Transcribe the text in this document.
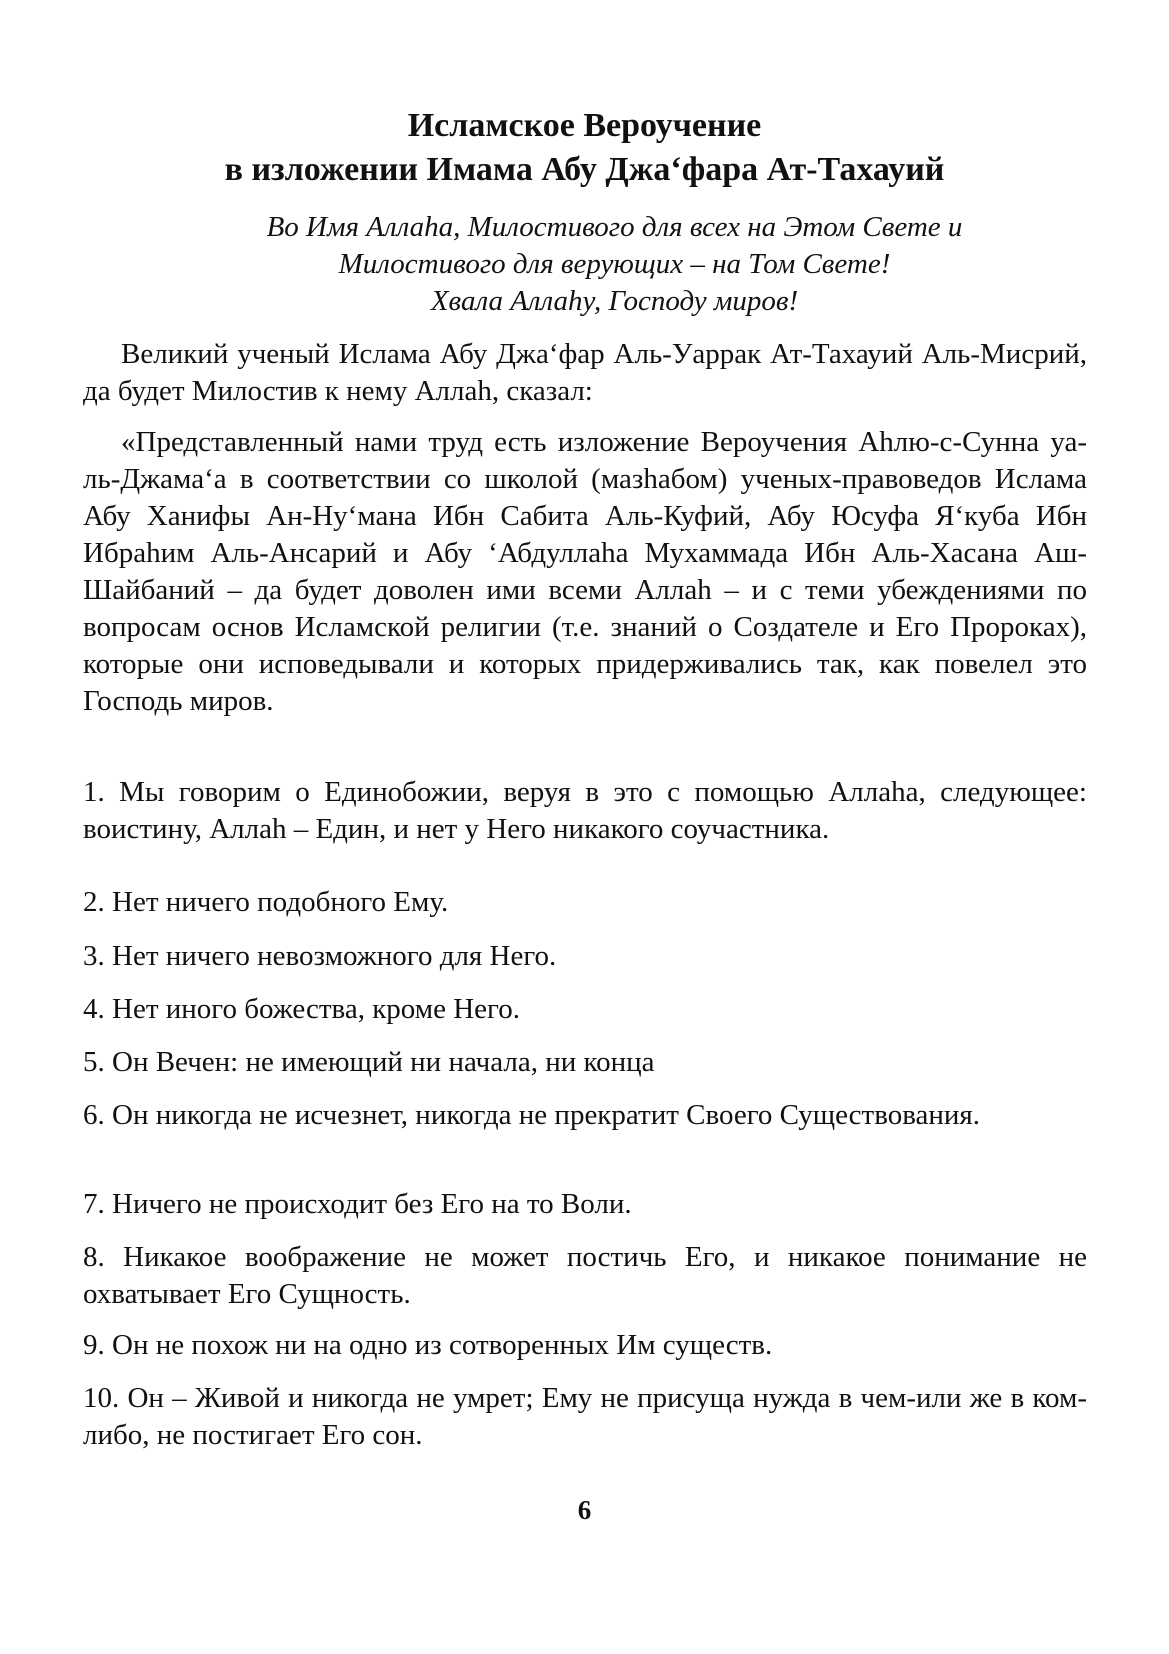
Исламское Вероучение
в изложении Имама Абу Джа‘фара Ат-Тахауий
Во Имя Аллаhа, Милостивого для всех на Этом Свете и
Милостивого для верующих – на Том Свете!
Хвала Аллаhу, Господу миров!

Великий ученый Ислама Абу Джа‘фар Аль-Уаррак Ат-Тахауий Аль-Мисрий, да будет Милостив к нему Аллаh, сказал:

«Представленный нами труд есть изложение Вероучения Аhлю-с-Сунна уа-ль-Джама‘а в соответствии со школой (мазhабом) ученых-правоведов Ислама Абу Ханифы Ан-Ну‘мана Ибн Сабита Аль-Куфий, Абу Юсуфа Я‘куба Ибн Ибраhим Аль-Ансарий и Абу ‘Абдуллаhа Мухаммада Ибн Аль-Хасана Аш-Шайбаний – да будет доволен ими всеми Аллаh – и с теми убеждениями по вопросам основ Исламской религии (т.е. знаний о Создателе и Его Пророках), которые они исповедывали и которых придерживались так, как повелел это Господь миров.

1. Мы говорим о Единобожии, веруя в это с помощью Аллаhа, следующее: воистину, Аллаh – Един, и нет у Него никакого соучастника.

2. Нет ничего подобного Ему.

3. Нет ничего невозможного для Него.

4. Нет иного божества, кроме Него.

5. Он Вечен: не имеющий ни начала, ни конца

6. Он никогда не исчезнет, никогда не прекратит Своего Существования.

7. Ничего не происходит без Его на то Воли.

8. Никакое воображение не может постичь Его, и никакое понимание не охватывает Его Сущность.

9. Он не похож ни на одно из сотворенных Им существ.

10. Он – Живой и никогда не умрет; Ему не присуща нужда в чем-или же в ком-либо, не постигает Его сон.

6
